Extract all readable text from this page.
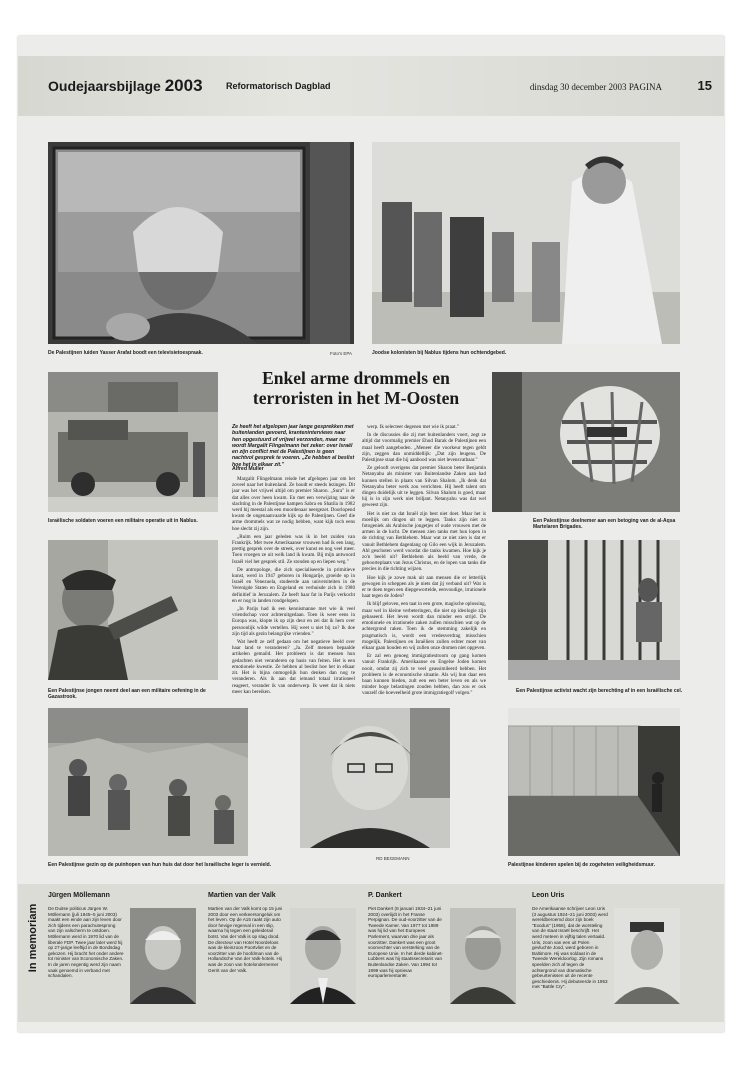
Oudejaarsbijlage 2003	Reformatorisch Dagblad	dinsdag 30 december 2003 PAGINA	15
De Palestijnen luiden Yasser Arafat boodt een televisietoespraak.	Foto's EPA	Joodse kolonisten bij Nablus tijdens hun ochtendgebed.
Israëlische soldaten voeren een militaire operatie uit in Nablus.
Enkel arme drommels en
terroristen in het M-Oosten
Een Palestijnse deelnemer aan een betoging van de al-Aqsa Martelaren Brigades.
Ze heeft het afgelopen jaar lange gesprekken met buitenlanden gevoerd, kranteninterviews naar hen opgestuurd of vrijwel verzonden, maar nu wordt Margalit Flingelmann het zeker: over Israël en zijn conflict met de Palestijnen is geen nachtvol gesprek te voeren. „Ze hebben al beslist hoe het in elkaar zit."
Alfred Muller

Margalit Flingelmann reisde het afgelopen jaar om het zoveel naar het buitenland. Ze houdt er steeds lezingen. Dit jaar was het vrijwel altijd om premier Sharon. „Sura" is er dat alles over heen kwam. En met een verwijzing naar de slachting in de Palestijnse kampen Sabra en Shatila in 1982 werd hij meestal als een moordenaar neergezet. Doorlopend kwam de ongenaanvaarde kijk op de Palestijnen. Geef die arme drommels wat ze nodig hebben, want kijk toch eens hoe slecht zij zijn.

„Ruim een jaar geleden was ik in het zuiden van Frankrijk. Met twee Amerikaanse vrouwen had ik een lang, prettig gesprek over de streek, over kunst en nog veel meer. Toen vroegen ze uit welk land ik kwam. Bij mijn antwoord Israël viel het gesprek stil. Ze stonden op en liepen weg."

De antropologe, die zich specialiseerde in primitieve kunst, werd in 1947 geboren in Hongarije, groeide op in Israël en Venezuela, studeerde aan universiteiten in de Verenigde Staten en Engeland en verhuisde zich in 1980 definitief in Jeruzalem. Ze heeft haar fat in Parijs verkocht en er nog in landen rondgelopen.

„In Parijs had ik een kennismanne met wie ik veel vriendschap voor achteruitgedaan. Toen ik weer eens in Europa was, klopte ik op zijn deur en zei dat ik hem over persoonlijk wilde vertellen. Hij weet u niet bij zo? Ik doe zijn tijd als gezin belangrijke vrienden."

Wat heeft ze zelf gedaan om het negatieve beeld over haar land te veranderen? „Ja. Zelf mensen bepaalde artikelen gemaild. Het probleem is dat mensen hun gedachten niet veranderen op basis van feiten. Het is een emotionele kwestie. Ze hebben al beslist hoe het in elkaar zit. Het is bijna onmogelijk hun denken dan nog te veranderen. Als ik aan dat iemand totaal irrationeel reageert, verander ik van onderwerp. Ik weet dat ik niets meer kan bereiken.

werp. Ik selecteer degenen met wie ik praat."

In de discussies die zij met buitenlanders voert, zegt ze altijd dat voormalig premier Ehud Barak de Palestijnen een maal heeft aangeboden. „Meneer die voorkeur tegen geldt zijn, zeggen dan onmiddellijk: „Dat zijn leugens. De Palestijnse staat die hij aanbood was niet levensvatbaar."

Ze gelooft overigens dat premier Sharon beter Benjamin Netanyahu als minister van Buitenlandse Zaken aan had kunnen stellen in plaats van Silvan Shalom. „Ik denk dat Netanyahu beter werk zou verrichten. Hij heeft talent om dingen duidelijk uit te leggen. Silvan Shalom is goed, maar hij is in zijn werk niet briljant. Netanyahu was dat wel geweest zijn.

Het is niet zo dat Israël zijn best niet doet. Maar het is moeilijk om dingen uit te leggen. Tanks zijn niet zo fotogeniek als Arabische jongetjes of oude vrouwen met de armen in de lucht. De mensen zien tanks met hun lopen in de richting van Bethlehem. Maar wat ze niet zien is dat er vanuit Bethlehem dagenlang op Gilo een wijk in Jeruzalem. Ahl geschoten werd voordat die tanks kwamen. Hoe kijk je zo'n beeld uit? Bethlehem als beeld van vrede, de geboorteplaats van Jezus Christus, en de lopen van tanks die precies in die richting wijzen.

Hoe kijk je zowe mak uit aan mensen die er letterlijk gewogen in scheppen als je niets dat jij verband uit? Wat is er te doen tegen een diepgewortelde, eenvoudige, irrationele haat tegen de Joden?

Ik blijf geloven, een taat in een grote, magische oplossing, maar wel in kleine verbeteringen, die niet op ideologie zijn gebaseerd. Het leven wordt dan minder een strijd. De emotionele en irrationele zaken zullen misschien wat op de achtergrond raken. Toen ik de stemming zakelijk en pragmatisch is, wordt een vredesverdrag misschien mogelijk. Palestijnen en Israëliers zullen echter moet van elkaar gaan houden en wij zullen onze dromen niet opgeven.

Er zal een genoeg immigratiestroom op gang komen vanuit Frankrijk. Amerikaanse en Engelse Joden komen nooit, omdat zij zich te veel geassimileerd hebben. Het probleem is de economische situatie. Als wij hun daar een baan kunnen bieden, zult een een beter leven en als we minder hoge belastingen zouden hebben, dan zou er ook vanzelf die hoeveelheid grote immigratiegolf volgen."

Een Palestijnse jongen neemt deel aan een militaire oefening in de Gazastrook.
Een Palestijnse activist wacht zijn berechting af in een Israëlische cel.
Een Palestijnse gezin op de puinhopen van hun huis dat door het Israëlische leger is vernield.
RD BEGEMANN
Palestijnse kinderen spelen bij de zogeheten veiligheidsmuur.
In memoriam
Jürgen Möllemann
De Duitse politicus Jürgen W. Möllemann (juli 1945–5 juni 2003) maakt een einde aan zijn leven door zich tijdens een parachutesprong van zijn valscherm te ontdoen. Möllemann werd in 1970 lid van de liberale FDP. Twee jaar later werd hij op 27-jarige leeftijd in de Bondsdag gekozen. Hij bracht het onder andere tot minister van Economische Zaken. In de jaren negentig werd zijn naam vaak genoemd in verband met schandalen.
Martien van der Valk
Martien van der Valk komt op 15 juni 2003 door een verkeersongeluk om het leven. Op de A15 raakt zijn auto door hevige regenval in een slip, waarna hij tegen een geleiderail botst. Van der Valk is op slag dood. De directeur van Hotel Noordeloos was de kleinzoon Poortvliet en de voorzitter van de hoofdman van de Hollandsche Van der Valk-hotels. Hij was de zoon van hotelondernemer Gerrit van der Valk.
P. Dankert
Piet Dankert (8 januari 1934–21 juni 2003) overlijdt in het Franse Perpignan. De oud-voorzitter van de Tweede Kamer. Van 1977 tot 1989 was hij lid van het Europees Parlement, waarvan drie jaar als voorzitter. Dankert was een groot voorvechter van versterking van de Europese Unie. In het derde kabinet-Lubbers was hij staatssecretaris van Buitenlandse Zaken. Van 1994 tot 1999 was hij opnieuw europarlementariër.
Leon Uris
De Amerikaanse schrijver Leon Uris (3 augustus 1924–21 juni 2003) werd wereldberoemd door zijn boek "Exodus" (1958), dat de worsteling van de staat Israël beschrijft. Het werd meteen in vijftig talen vertaald. Uris, zoon van een uit Polen gevluchte Jood, werd geboren in Baltimore. Hij was soldaat in de Tweede Wereldoorlog. Zijn romans speelden zich af tegen de achtergrond van dramatische gebeurtenissen uit de recente geschiedenis. Hij debuteerde in 1953 met "Battle Cry".
